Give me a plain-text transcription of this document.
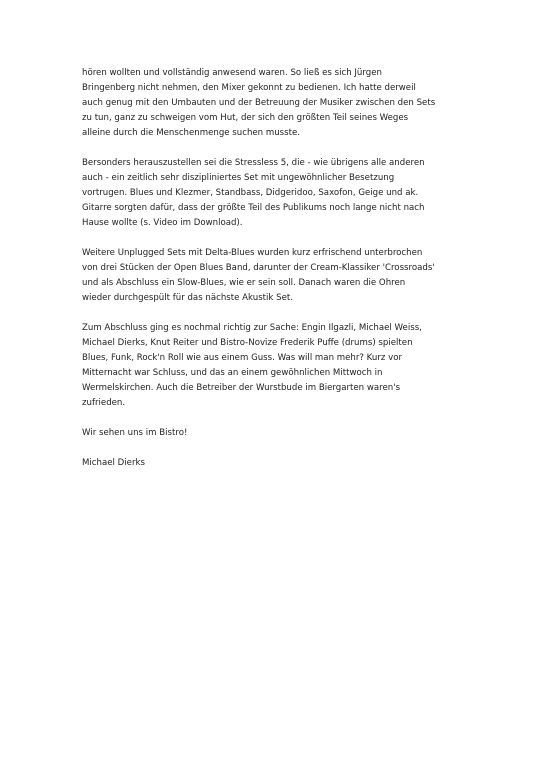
hören wollten und vollständig anwesend waren. So ließ es sich Jürgen
Bringenberg nicht nehmen, den Mixer gekonnt zu bedienen. Ich hatte derweil
auch genug mit den Umbauten und der Betreuung der Musiker zwischen den Sets
zu tun, ganz zu schweigen vom Hut, der sich den größten Teil seines Weges
alleine durch die Menschenmenge suchen musste.

Bersonders herauszustellen sei die Stressless 5, die - wie übrigens alle anderen
auch - ein zeitlich sehr diszipliniertes Set mit ungewöhnlicher Besetzung
vortrugen. Blues und Klezmer, Standbass, Didgeridoo, Saxofon, Geige und ak.
Gitarre sorgten dafür, dass der größte Teil des Publikums noch lange nicht nach
Hause wollte (s. Video im Download).

Weitere Unplugged Sets mit Delta-Blues wurden kurz erfrischend unterbrochen
von drei Stücken der Open Blues Band, darunter der Cream-Klassiker 'Crossroads'
und als Abschluss ein Slow-Blues, wie er sein soll. Danach waren die Ohren
wieder durchgespült für das nächste Akustik Set.

Zum Abschluss ging es nochmal richtig zur Sache: Engin Ilgazli, Michael Weiss,
Michael Dierks, Knut Reiter und Bistro-Novize Frederik Puffe (drums) spielten
Blues, Funk, Rock'n Roll wie aus einem Guss. Was will man mehr? Kurz vor
Mitternacht war Schluss, und das an einem gewöhnlichen Mittwoch in
Wermelskirchen. Auch die Betreiber der Wurstbude im Biergarten waren's
zufrieden.

Wir sehen uns im Bistro!

Michael Dierks
